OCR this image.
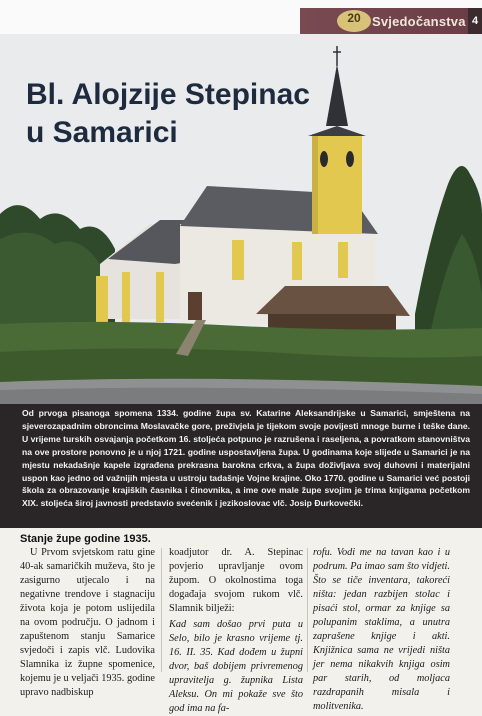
20 Svjedočanstva 4
Bl. Alojzije Stepinac
u Samarici

Od prvoga pisanoga spomena 1334. godine župa sv. Katarine Aleksandrijske u Samarici, smještena na sjeverozapadnim obroncima Moslavačke gore, preživjela je tijekom svoje povijesti mnoge burne i teške dane. U vrijeme turskih osvajanja početkom 16. stoljeća potpuno je razrušena i raseljena, a povratkom stanovništva na ove prostore ponovno je u njoj 1721. godine uspostavljena župa. U godinama koje slijede u Samarici je na mjestu nekadašnje kapele izgrađena prekrasna barokna crkva, a župa doživljava svoj duhovni i materijalni uspon kao jedno od važnijih mjesta u ustroju tadašnje Vojne krajine. Oko 1770. godine u Samarici već postoji škola za obrazovanje krajiških časnika i činovnika, a ime ove male župe svojim je trima knjigama početkom XIX. stoljeća široj javnosti predstavio svećenik i jezikoslovac vlč. Josip Đurkovečki.

Stanje župe godine 1935.

U Prvom svjetskom ratu gine 40-ak samaričkih muževa, što je zasigurno utjecalo i na negativne trendove i stagnaciju života koja je potom uslijedila na ovom području. O jadnom i zapuštenom stanju Samarice svjedoči i zapis vlč. Ludovika Slamnika iz župne spomenice, kojemu je u veljači 1935. godine upravo nadbiskup

koadjutor dr. A. Stepinac povjerio upravljanje ovom župom. O okolnostima toga događaja svojom rukom vlč. Slamnik bilježi:
Kad sam došao prvi puta u Selo, bilo je krasno vrijeme tj. 16. II. 35. Kad dođem u župni dvor, baš dobijem privremenog upravitelja g. župnika Lista Aleksu. On mi pokaže sve što god ima na fa-

rofu. Vodi me na tavan kao i u podrum. Pa imao sam što vidjeti. Što se tiče inventara, takoreći ništa: jedan razbijen stolac i pisaći stol, ormar za knjige sa polupanim staklima, a unutra zaprašene knjige i akti. Knjižnica sama ne vrijedi ništa jer nema nikakvih knjiga osim par starih, od moljaca razdrapanih misala i molitvenika.
